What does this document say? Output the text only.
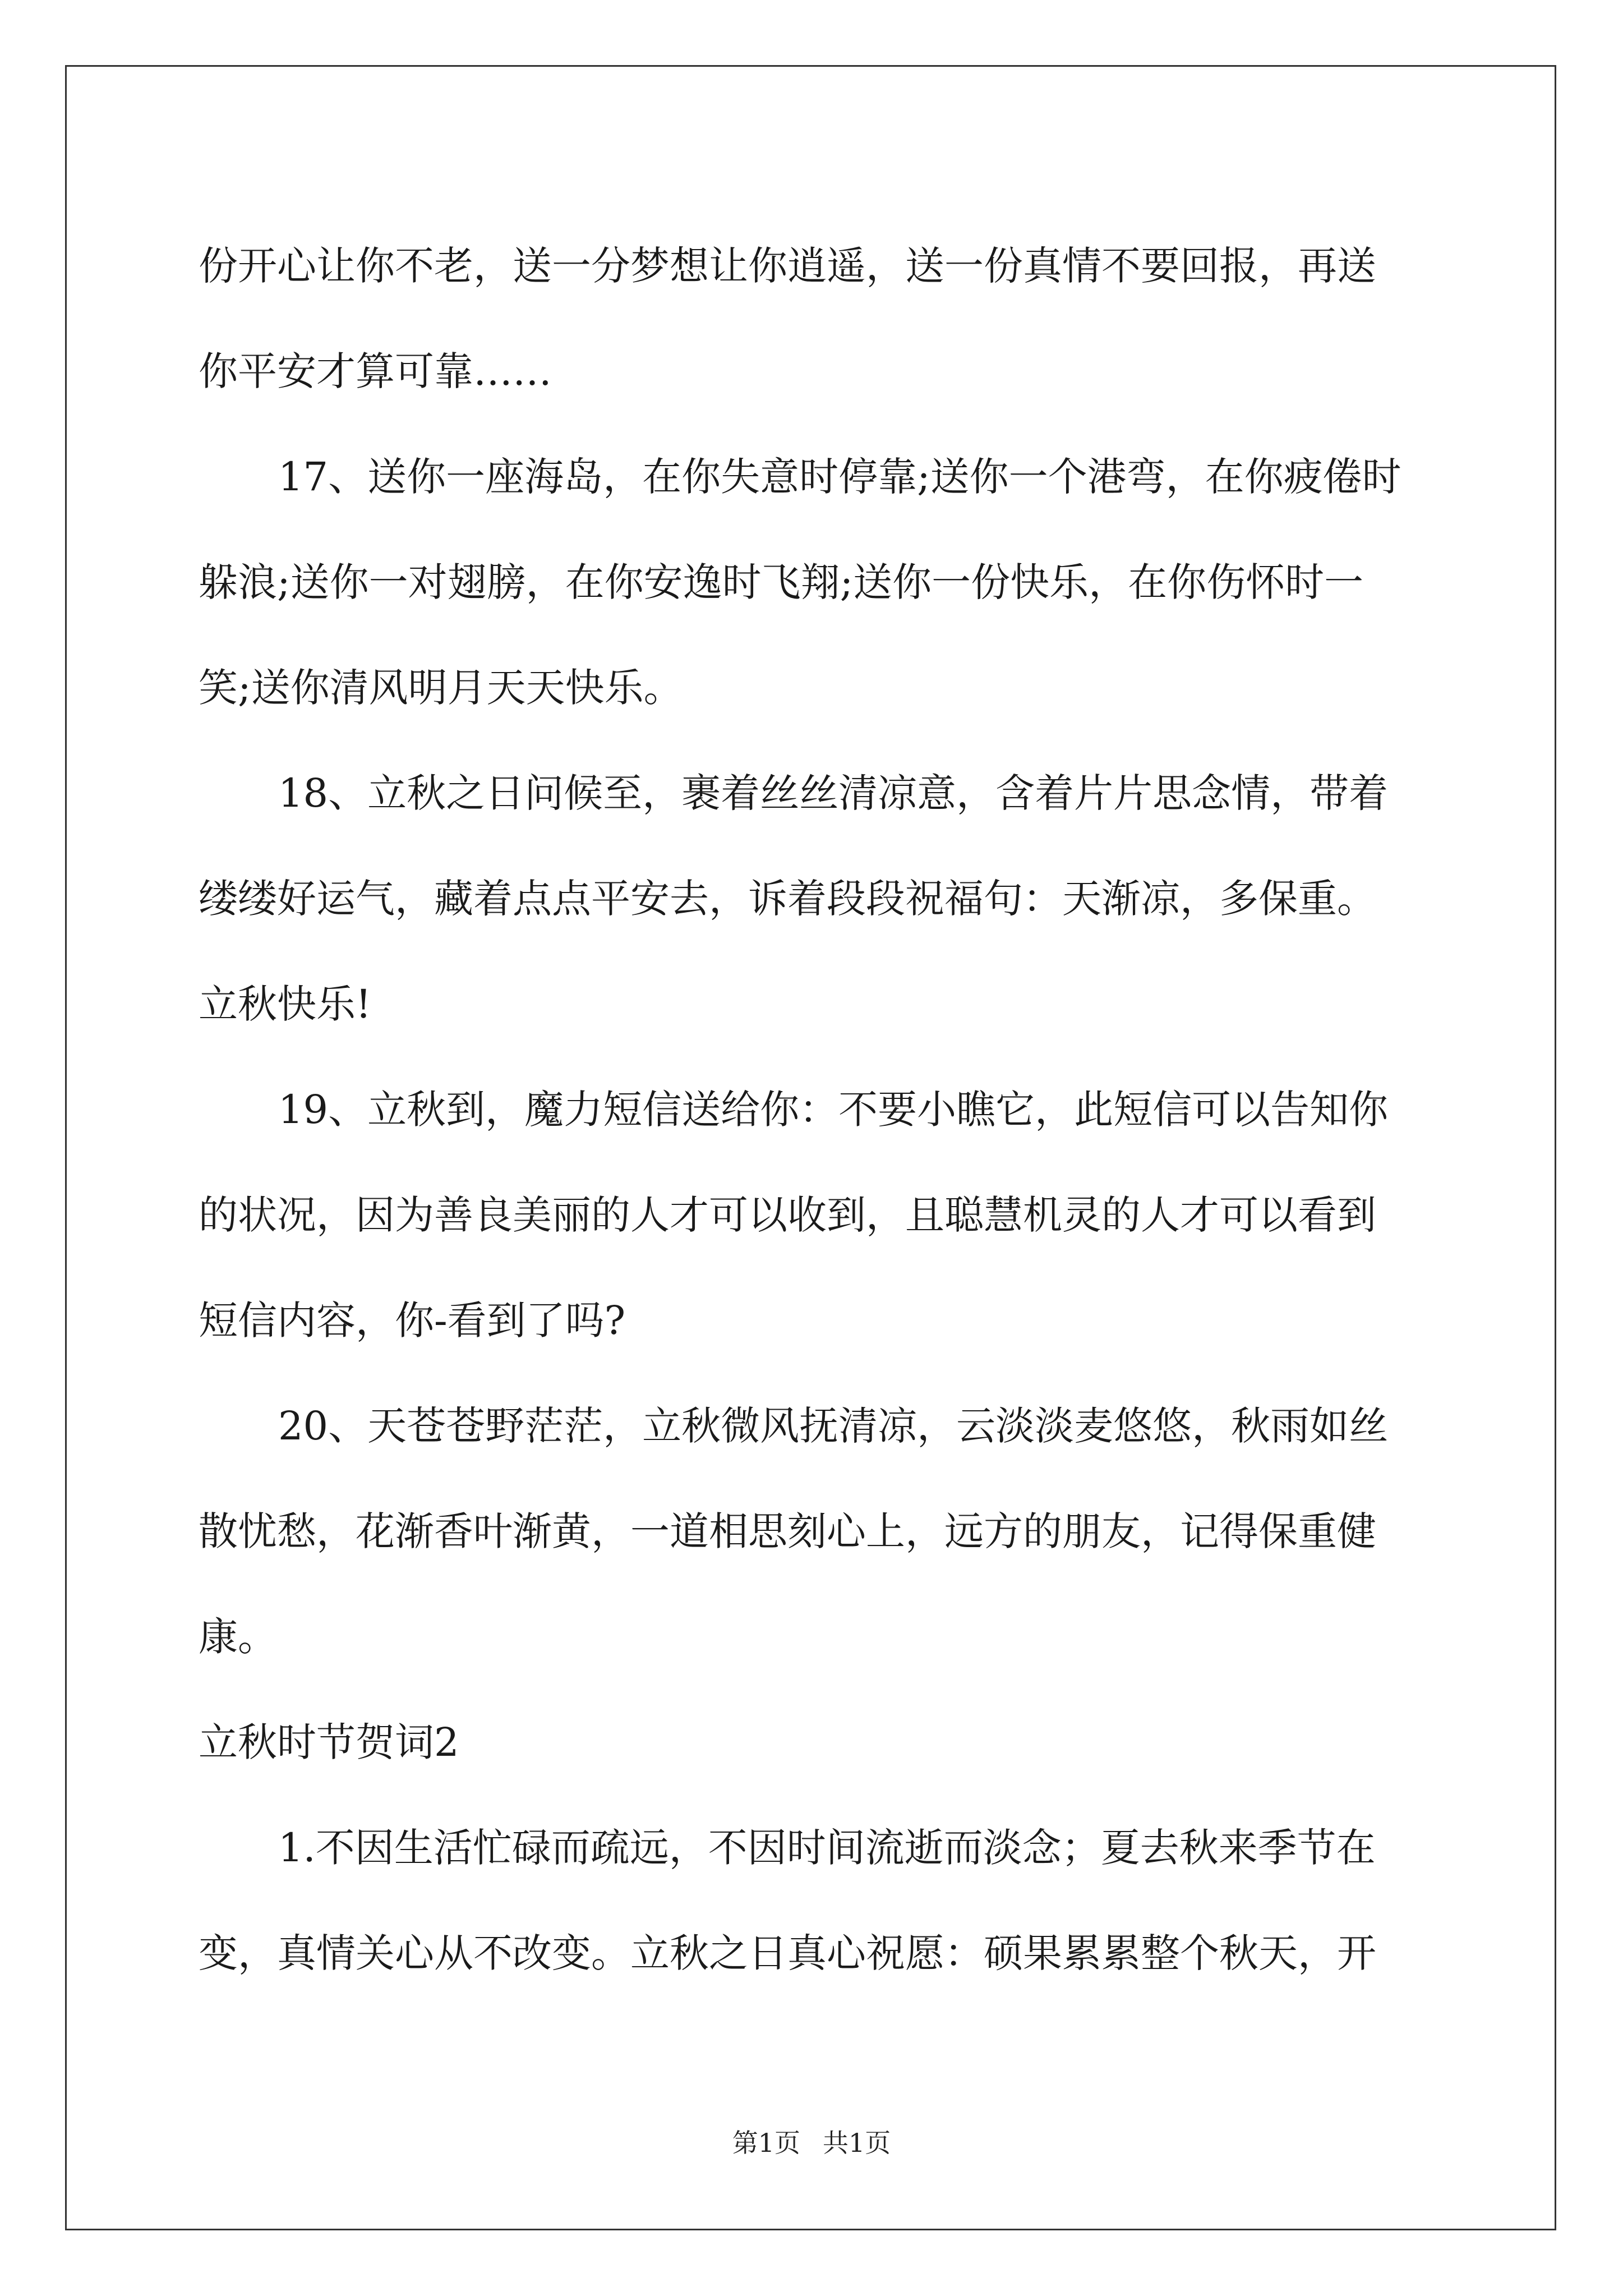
份开心让你不老，送一分梦想让你逍遥，送一份真情不要回报，再送
你平安才算可靠……
17、送你一座海岛，在你失意时停靠;送你一个港弯，在你疲倦时
躲浪;送你一对翅膀，在你安逸时飞翔;送你一份快乐，在你伤怀时一
笑;送你清风明月天天快乐。
18、立秋之日问候至，裹着丝丝清凉意，含着片片思念情，带着
缕缕好运气，藏着点点平安去，诉着段段祝福句：天渐凉，多保重。
立秋快乐!
19、立秋到，魔力短信送给你：不要小瞧它，此短信可以告知你
的状况，因为善良美丽的人才可以收到，且聪慧机灵的人才可以看到
短信内容，你-看到了吗?
20、天苍苍野茫茫，立秋微风抚清凉，云淡淡麦悠悠，秋雨如丝
散忧愁，花渐香叶渐黄，一道相思刻心上，远方的朋友，记得保重健
康。
立秋时节贺词2
1.不因生活忙碌而疏远，不因时间流逝而淡念；夏去秋来季节在
变，真情关心从不改变。立秋之日真心祝愿：硕果累累整个秋天，开
第1页 共1页
